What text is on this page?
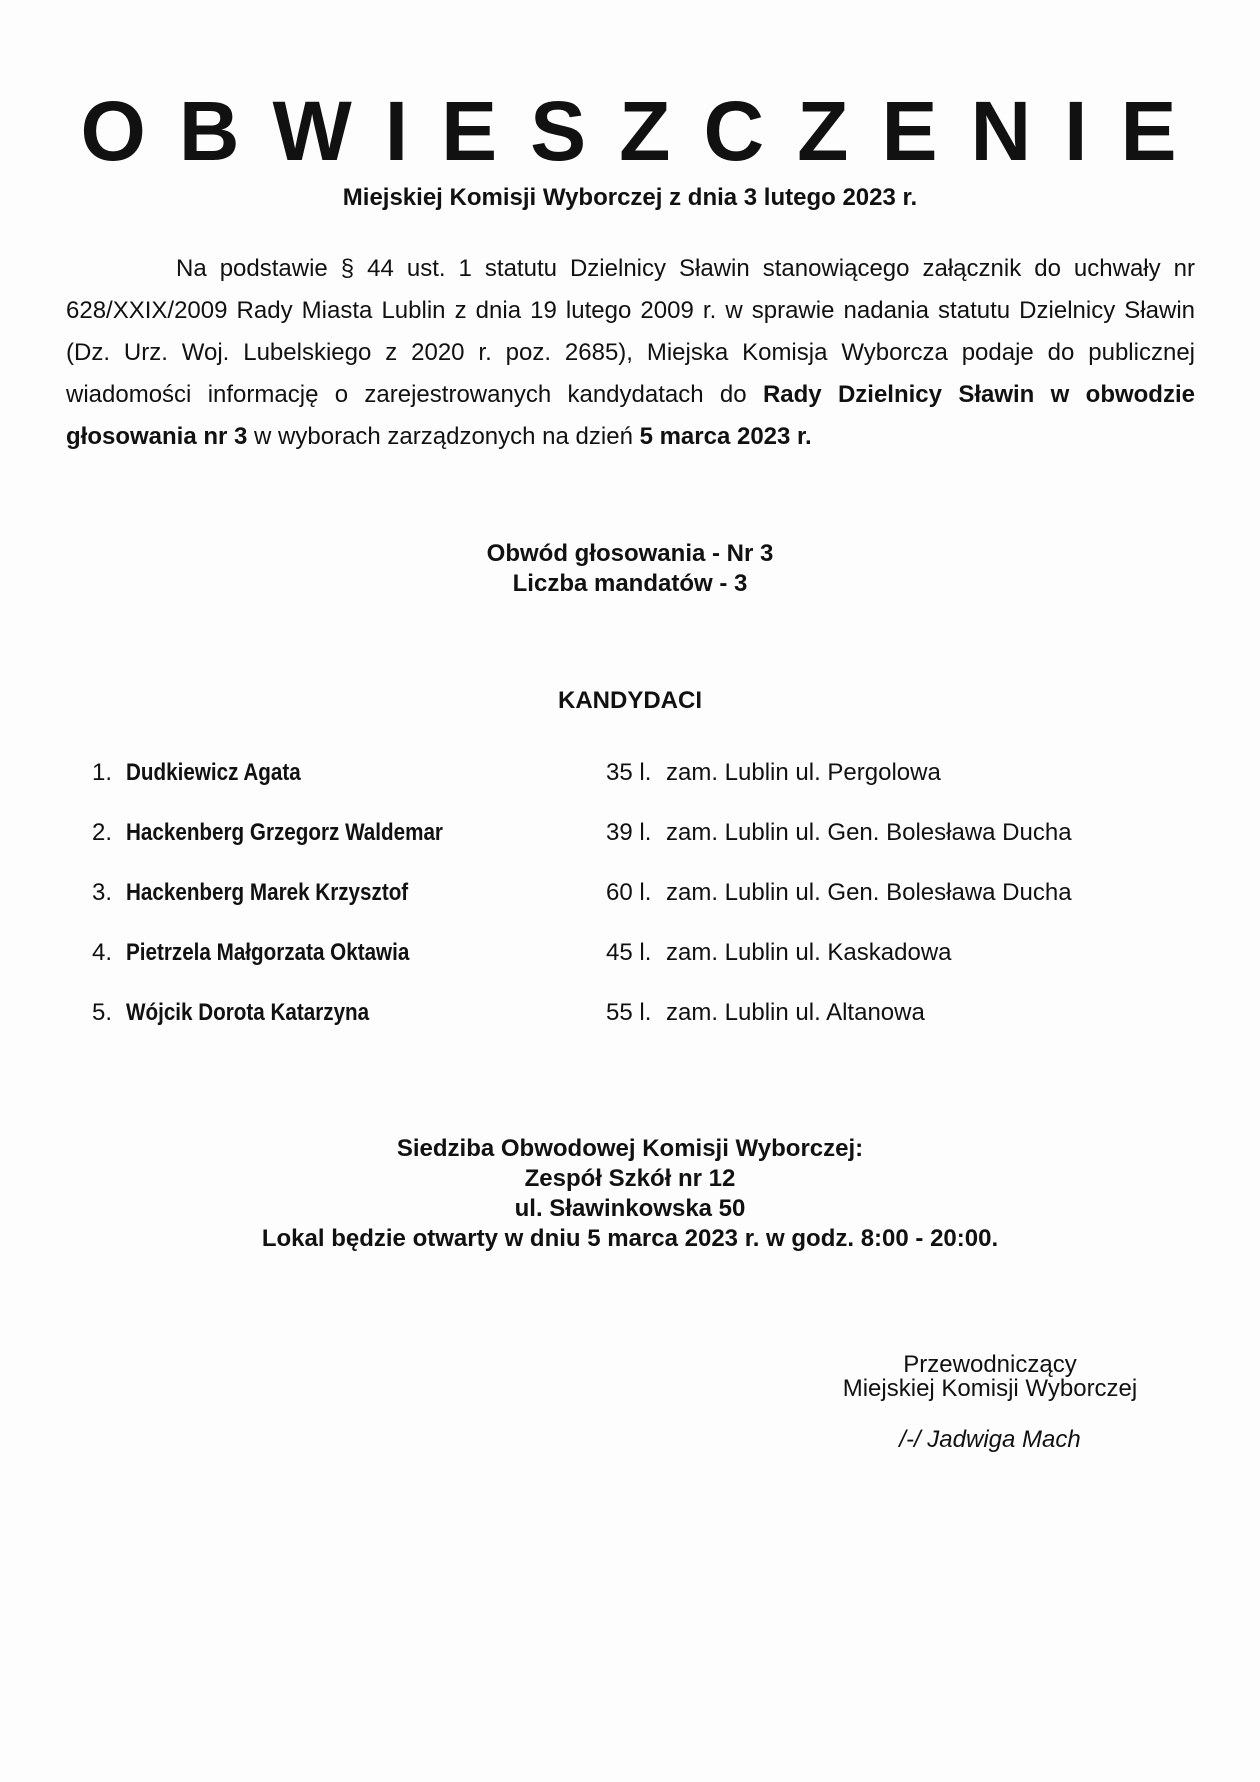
OBWIESZCZENIE
Miejskiej Komisji Wyborczej z dnia 3 lutego 2023 r.
Na podstawie § 44 ust. 1 statutu Dzielnicy Sławin stanowiącego załącznik do uchwały nr 628/XXIX/2009 Rady Miasta Lublin z dnia 19 lutego 2009 r. w sprawie nadania statutu Dzielnicy Sławin (Dz. Urz. Woj. Lubelskiego z 2020 r. poz. 2685), Miejska Komisja Wyborcza podaje do publicznej wiadomości informację o zarejestrowanych kandydatach do Rady Dzielnicy Sławin w obwodzie głosowania nr 3 w wyborach zarządzonych na dzień 5 marca 2023 r.
Obwód głosowania - Nr 3
Liczba mandatów - 3
KANDYDACI
1. Dudkiewicz Agata	35 l. zam. Lublin ul. Pergolowa
2. Hackenberg Grzegorz Waldemar	39 l. zam. Lublin ul. Gen. Bolesława Ducha
3. Hackenberg Marek Krzysztof	60 l. zam. Lublin ul. Gen. Bolesława Ducha
4. Pietrzela Małgorzata Oktawia	45 l. zam. Lublin ul. Kaskadowa
5. Wójcik Dorota Katarzyna	55 l. zam. Lublin ul. Altanowa
Siedziba Obwodowej Komisji Wyborczej:
Zespół Szkół nr 12
ul. Sławinkowska 50
Lokal będzie otwarty w dniu 5 marca 2023 r. w godz. 8:00 - 20:00.
Przewodniczący
Miejskiej Komisji Wyborczej
/-/ Jadwiga Mach
